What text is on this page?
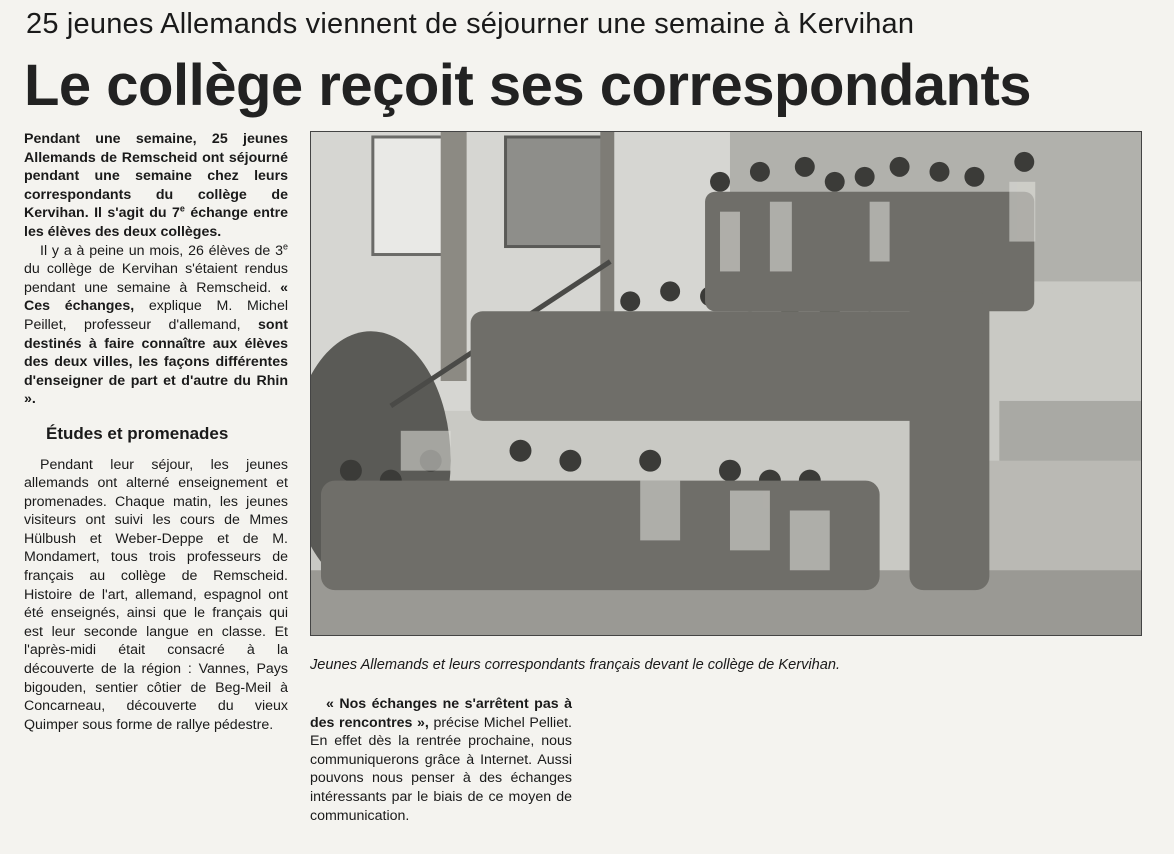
25 jeunes Allemands viennent de séjourner une semaine à Kervihan
Le collège reçoit ses correspondants

Pendant une semaine, 25 jeunes Allemands de Remscheid ont séjourné pendant une semaine chez leurs correspondants du collège de Kervihan. Il s'agit du 7e échange entre les élèves des deux collèges.

Il y a à peine un mois, 26 élèves de 3e du collège de Kervihan s'étaient rendus pendant une semaine à Remscheid. « Ces échanges, explique M. Michel Peillet, professeur d'allemand, sont destinés à faire connaître aux élèves des deux villes, les façons différentes d'enseigner de part et d'autre du Rhin ».

Études et promenades

Pendant leur séjour, les jeunes allemands ont alterné enseignement et promenades. Chaque matin, les jeunes visiteurs ont suivi les cours de Mmes Hülbush et Weber-Deppe et de M. Mondamert, tous trois professeurs de français au collège de Remscheid. Histoire de l'art, allemand, espagnol ont été enseignés, ainsi que le français qui est leur seconde langue en classe. Et l'après-midi était consacré à la découverte de la région : Vannes, Pays bigouden, sentier côtier de Beg-Meil à Concarneau, découverte du vieux Quimper sous forme de rallye pédestre.

Jeunes Allemands et leurs correspondants français devant le collège de Kervihan.

« Nos échanges ne s'arrêtent pas à des rencontres », précise Michel Pelliet. En effet dès la rentrée prochaine, nous communiquerons grâce à Internet. Aussi pouvons nous penser à des échanges intéressants par le biais de ce moyen de communication.
